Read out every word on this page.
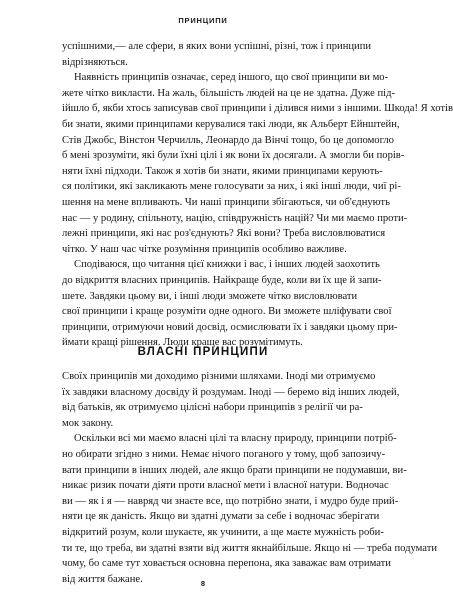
ПРИНЦИПИ

успішними,— але сфери, в яких вони успішні, різні, тож і принципи
відрізняються.

Наявність принципів означає, серед іншого, що свої принципи ви мо-
жете чітко викласти. На жаль, більшість людей на це не здатна. Дуже під-
ійшло б, якби хтось записував свої принципи і ділився ними з іншими. Шкода! Я хотів
би знати, якими принципами керувалися такі люди, як Альберт Ейнштейн,
Стів Джобс, Вінстон Черчилль, Леонардо да Вінчі тощо, бо це допомогло
б мені зрозуміти, які були їхні цілі і як вони їх досягали. А змогли би порів-
няти їхні підходи. Також я хотів би знати, якими принципами керують-
ся політики, які закликають мене голосувати за них, і які інші люди, чиї рі-
шення на мене впливають. Чи наші принципи збігаються, чи об'єднують
нас — у родину, спільноту, націю, співдружність націй? Чи ми маємо проти-
лежні принципи, які нас роз'єднують? Які вони? Треба висловлюватися
чітко. У наш час чітке розуміння принципів особливо важливе.

Сподіваюся, що читання цієї книжки і вас, і інших людей заохотить
до відкриття власних принципів. Найкраще буде, коли ви їх ще й запи-
шете. Завдяки цьому ви, і інші люди зможете чітко висловлювати
свої принципи і краще розуміти одне одного. Ви зможете шліфувати свої
принципи, отримуючи новий досвід, осмислювати їх і завдяки цьому при-
ймати кращі рішення. Люди краще вас розумітимуть.

ВЛАСНІ ПРИНЦИПИ

Своїх принципів ми доходимо різними шляхами. Іноді ми отримуємо
їх завдяки власному досвіду й роздумам. Іноді — беремо від інших людей,
від батьків, як отримуємо цілісні набори принципів з релігії чи ра-
мок закону.

Оскільки всі ми маємо власні цілі та власну природу, принципи потріб-
но обирати згідно з ними. Немає нічого поганого у тому, щоб запозичу-
вати принципи в інших людей, але якщо брати принципи не подумавши, ви-
никає ризик почати діяти проти власної мети і власної натури. Водночас
ви — як і я — навряд чи знаєте все, що потрібно знати, і мудро буде прий-
няти це як даність. Якщо ви здатні думати за себе і водночас зберігати
відкритий розум, коли шукаєте, як учинити, а ще маєте мужність роби-
ти те, що треба, ви здатні взяти від життя якнайбільше. Якщо ні — треба подумати
чому, бо саме тут ховається основна перепона, яка заважає вам отримати
від життя бажане.	8
